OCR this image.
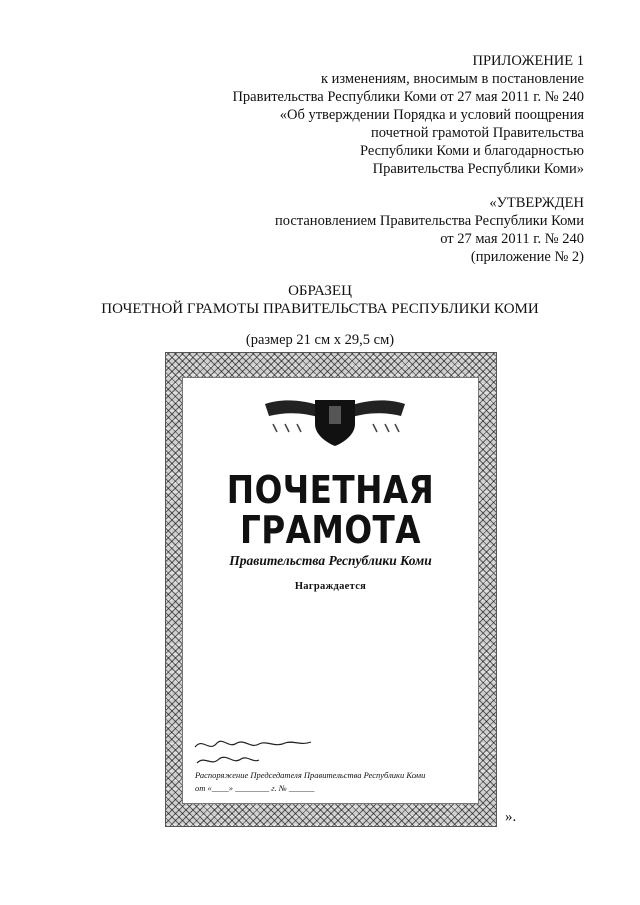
ПРИЛОЖЕНИЕ 1
к изменениям, вносимым в постановление
Правительства Республики Коми от 27 мая 2011 г. № 240
«Об утверждении Порядка и условий поощрения
почетной грамотой Правительства
Республики Коми и благодарностью
Правительства Республики Коми»
«УТВЕРЖДЕН
постановлением Правительства Республики Коми
от 27 мая 2011 г. № 240
(приложение № 2)
ОБРАЗЕЦ
ПОЧЕТНОЙ ГРАМОТЫ ПРАВИТЕЛЬСТВА РЕСПУБЛИКИ КОМИ
(размер 21 см x 29,5 см)
ПОЧЕТНАЯ
ГРАМОТА
Правительства Республики Коми
Награждается
Распоряжение Председателя Правительства Республики Коми
от «____» ________ г. № ______
».
